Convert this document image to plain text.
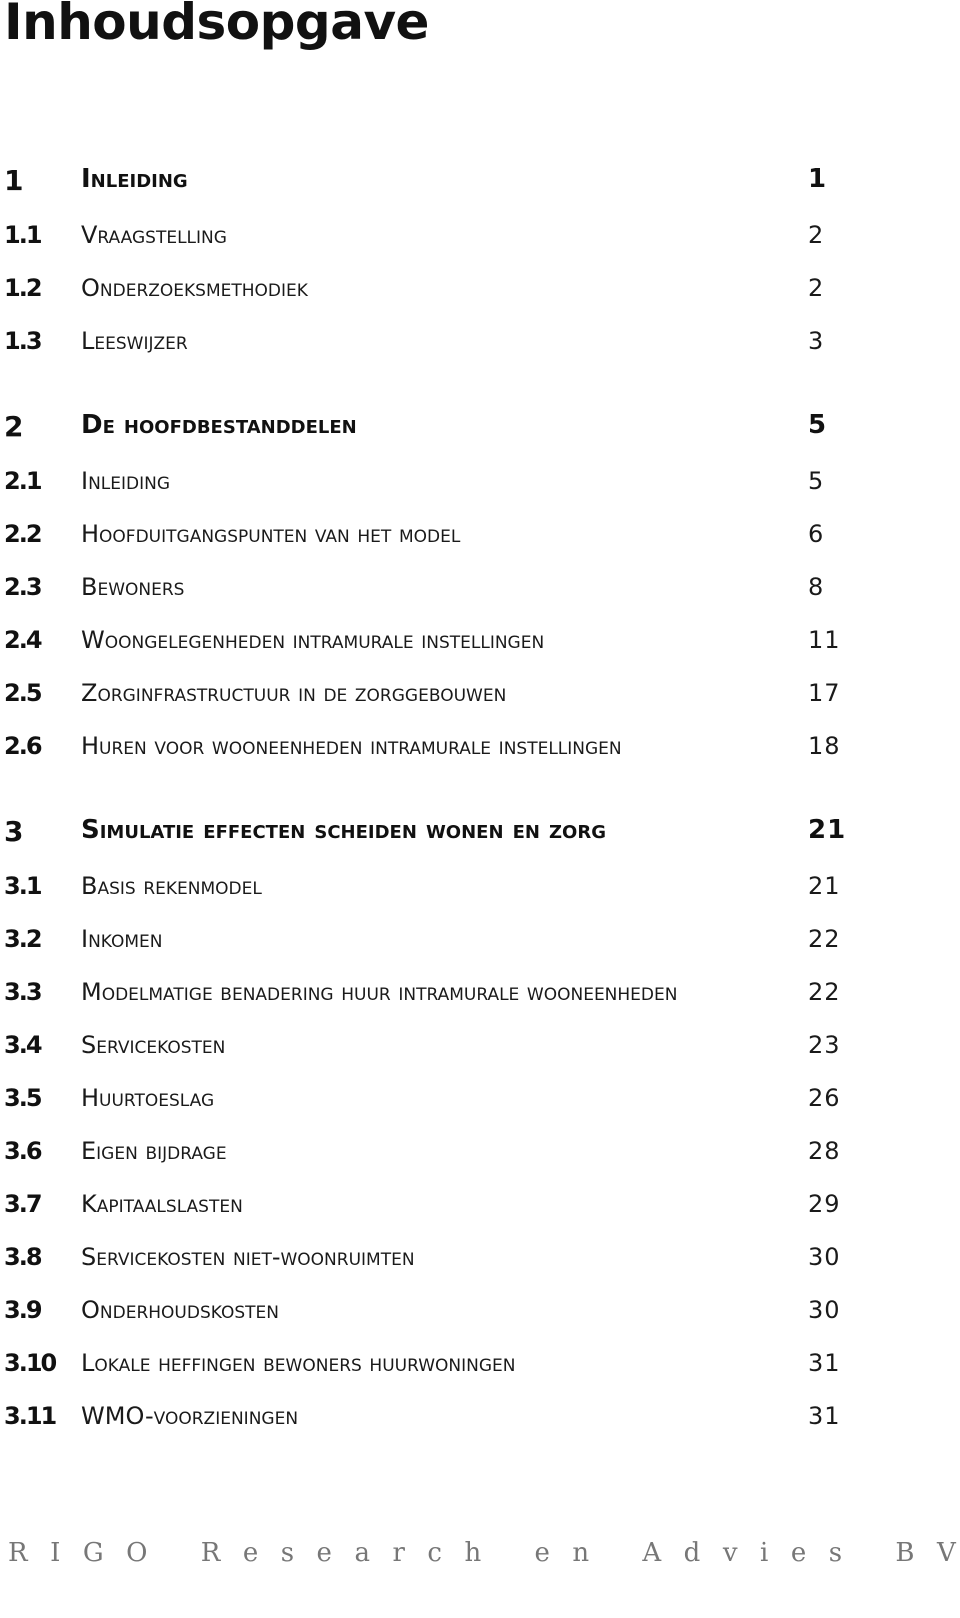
Inhoudsopgave
1 Inleiding	1
1.1 Vraagstelling	2
1.2 Onderzoeksmethodiek	2
1.3 Leeswijzer	3
2 De hoofdbestanddelen	5
2.1 Inleiding	5
2.2 Hoofduitgangspunten van het model	6
2.3 Bewoners	8
2.4 Woongelegenheden intramurale instellingen	11
2.5 Zorginfrastructuur in de zorggebouwen	17
2.6 Huren voor wooneenheden intramurale instellingen	18
3 Simulatie effecten scheiden wonen en zorg	21
3.1 Basis rekenmodel	21
3.2 Inkomen	22
3.3 Modelmatige benadering huur intramurale wooneenheden	22
3.4 Servicekosten	23
3.5 Huurtoeslag	26
3.6 Eigen bijdrage	28
3.7 Kapitaalslasten	29
3.8 Servicekosten niet-woonruimten	30
3.9 Onderhoudskosten	30
3.10 Lokale heffingen bewoners huurwoningen	31
3.11 WMO-voorzieningen	31
R I G O
R e s e a r c h
e n
A d v i e s
B V
